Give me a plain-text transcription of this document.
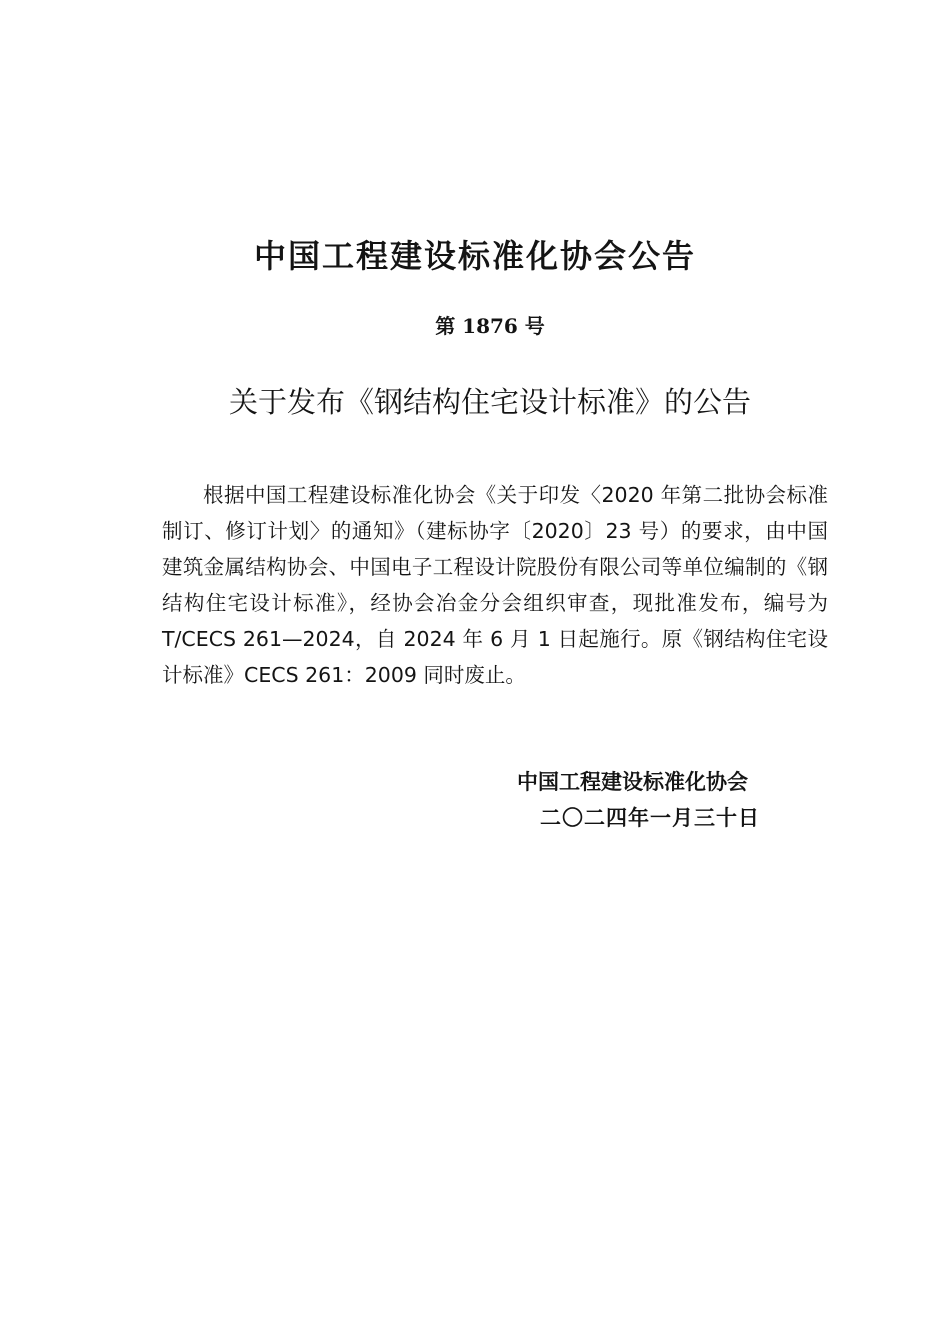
中国工程建设标准化协会公告
第 1876 号
关于发布《钢结构住宅设计标准》的公告

根据中国工程建设标准化协会《关于印发〈2020 年第二批协会标准制订、修订计划〉的通知》（建标协字〔2020〕23 号）的要求，由中国建筑金属结构协会、中国电子工程设计院股份有限公司等单位编制的《钢结构住宅设计标准》，经协会冶金分会组织审查，现批准发布，编号为 T/CECS 261—2024，自 2024 年 6 月 1 日起施行。原《钢结构住宅设计标准》CECS 261：2009 同时废止。

中国工程建设标准化协会
二〇二四年一月三十日
